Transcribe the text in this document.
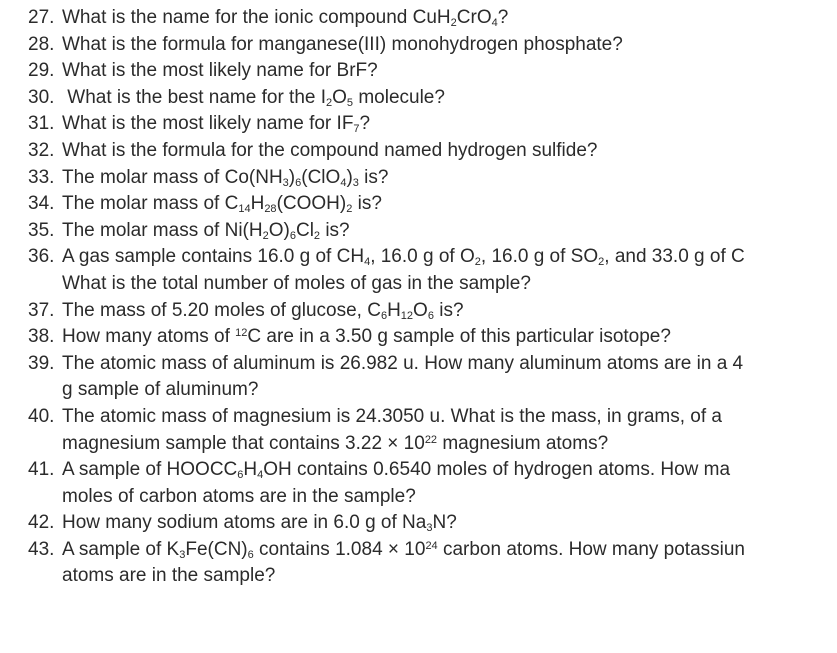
27. What is the name for the ionic compound CuH$_2$CrO$_4$?
28. What is the formula for manganese(III) monohydrogen phosphate?
29. What is the most likely name for BrF?
30. What is the best name for the $I_2O_5$ molecule?
31. What is the most likely name for $IF_7$?
32. What is the formula for the compound named hydrogen sulfide?
33. The molar mass of $Co(NH_3)_6(ClO_4)_3$ is?
34. The molar mass of $C_{14}H_{28}(COOH)_2$ is?
35. The molar mass of $Ni(H_2O)_6Cl_2$ is?
36. A gas sample contains 16.0 g of $CH_4$, 16.0 g of $O_2$, 16.0 g of $SO_2$, and 33.0 g of C
What is the total number of moles of gas in the sample?
37. The mass of 5.20 moles of glucose, $C_6H_{12}O_6$ is?
38. How many atoms of $^{12}$C are in a 3.50 g sample of this particular isotope?
39. The atomic mass of aluminum is 26.982 u. How many aluminum atoms are in a 4
g sample of aluminum?
40. The atomic mass of magnesium is 24.3050 u. What is the mass, in grams, of a
magnesium sample that contains $3.22 \times 10^{22}$ magnesium atoms?
41. A sample of $HOOCC_6H_4OH$ contains 0.6540 moles of hydrogen atoms. How ma
moles of carbon atoms are in the sample?
42. How many sodium atoms are in 6.0 g of $Na_3N$?
43. A sample of $K_3Fe(CN)_6$ contains $1.084 \times 10^{24}$ carbon atoms. How many potassiun
atoms are in the sample?
